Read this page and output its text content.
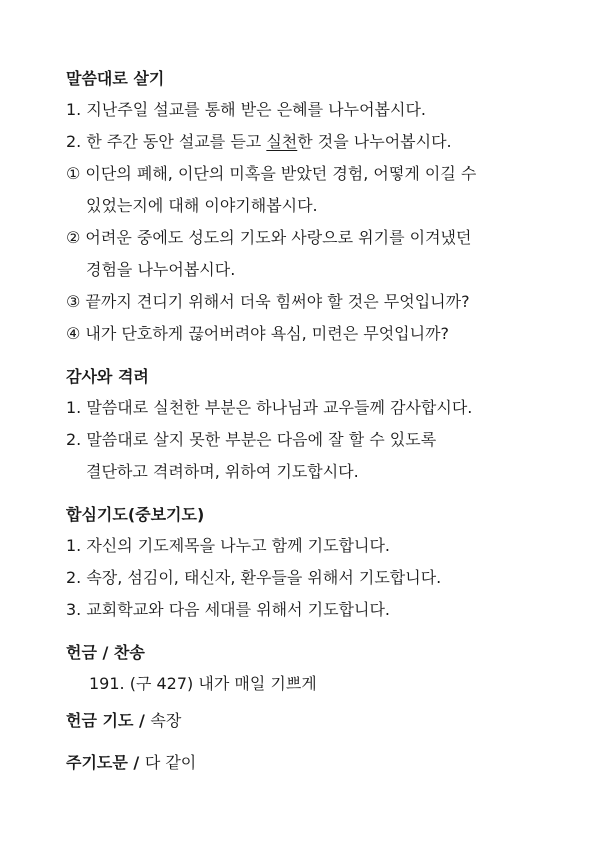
말씀대로 살기
1. 지난주일 설교를 통해 받은 은혜를 나누어봅시다.
2. 한 주간 동안 설교를 듣고 실천한 것을 나누어봅시다.
① 이단의 폐해, 이단의 미혹을 받았던 경험, 어떻게 이길 수
있었는지에 대해 이야기해봅시다.
② 어려운 중에도 성도의 기도와 사랑으로 위기를 이겨냈던
경험을 나누어봅시다.
③ 끝까지 견디기 위해서 더욱 힘써야 할 것은 무엇입니까?
④ 내가 단호하게 끊어버려야 욕심, 미련은 무엇입니까?
감사와 격려
1. 말씀대로 실천한 부분은 하나님과 교우들께 감사합시다.
2. 말씀대로 살지 못한 부분은 다음에 잘 할 수 있도록
결단하고 격려하며, 위하여 기도합시다.
합심기도(중보기도)
1. 자신의 기도제목을 나누고 함께 기도합니다.
2. 속장, 섬김이, 태신자, 환우들을 위해서 기도합니다.
3. 교회학교와 다음 세대를 위해서 기도합니다.
헌금 / 찬송
191. (구 427) 내가 매일 기쁘게
헌금 기도 / 속장
주기도문 / 다 같이
